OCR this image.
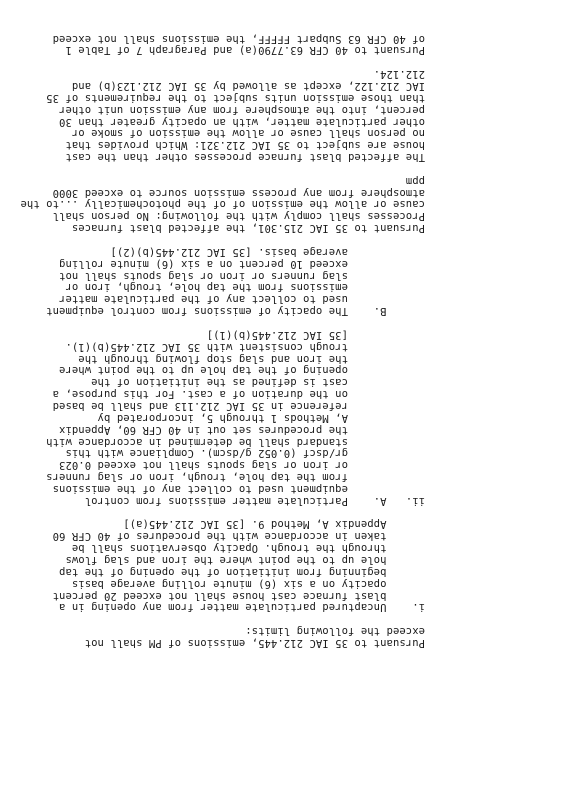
Pursuant to 35 IAC 212.445, emissions of PM shall not
exceed the following limits:
i.    Uncaptured particulate matter from any opening in a
blast furnace cast house shall not exceed 20 percent
opacity on a six (6) minute rolling average basis
beginning from initiation of the opening of the tap
hole up to the point where the iron and slag flows
through the trough. Opacity observations shall be
taken in accordance with the procedures of 40 CFR 60
Appendix A, Method 9. [35 IAC 212.445(a)]
ii.   A.    Particulate matter emissions from control
equipment used to collect any of the emissions
from the tap hole, trough, iron or slag runners
or iron or slag spouts shall not exceed 0.023
gr/dscf (0.052 g/dscm). Compliance with this
standard shall be determined in accordance with
the procedures set out in 40 CFR 60, Appendix
A, Methods 1 through 5, incorporated by
reference in 35 IAC 212.113 and shall be based
on the duration of a cast. For this purpose, a
cast is defined as the initiation of the
opening of the tap hole up to the point where
the iron and slag stop flowing through the
trough consistent with 35 IAC 212.445(b)(1).
[35 IAC 212.445(b)(1)]
B.    The opacity of emissions from control equipment
used to collect any of the particulate matter
emissions from the tap hole, trough, iron or
slag runners or iron or slag spouts shall not
exceed 10 percent on a six (6) minute rolling
average basis. [35 IAC 212.445(b)(2)]
Pursuant to 35 IAC 215.301, the affected blast furnaces
Processes shall comply with the following: No person shall
cause or allow the emission of of the photochemically ...to the
atmosphere from any process emission source to exceed 3000
ppm
The affected blast furnace processes other than the cast
house are subject to 35 IAC 212.321: Which provides that
no person shall cause or allow the emission of smoke or
other particulate matter, with an opacity greater than 30
percent, into the atmosphere from any emission unit other
than those emission units subject to the requirements of 35
IAC 212.122, except as allowed by 35 IAC 212.123(b) and
212.124.
Pursuant to 40 CFR 63.7790(a) and Paragraph 7 of Table 1
of 40 CFR 63 Subpart FFFFF, the emissions shall not exceed
